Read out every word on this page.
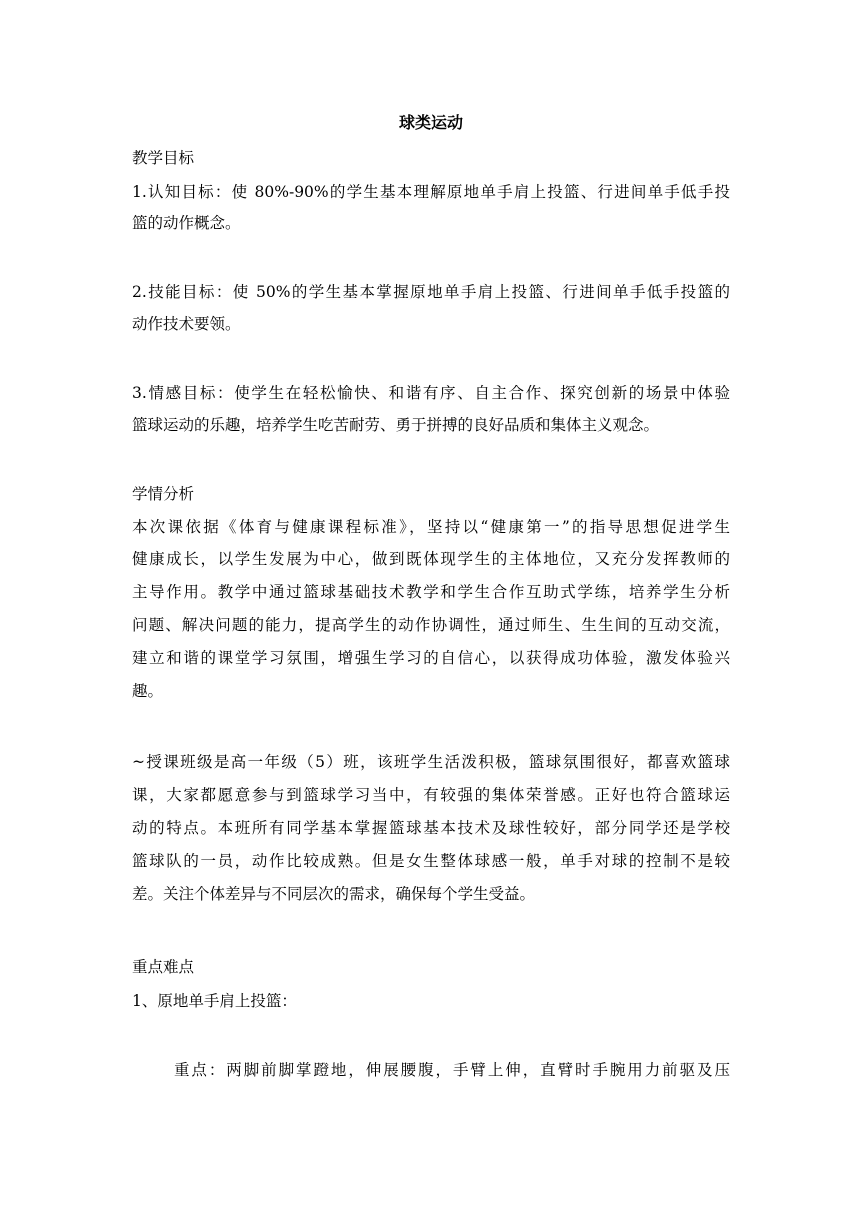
球类运动
教学目标
1.认知目标：使 80%-90%的学生基本理解原地单手肩上投篮、行进间单手低手投
篮的动作概念。
2.技能目标：使 50%的学生基本掌握原地单手肩上投篮、行进间单手低手投篮的
动作技术要领。
3.情感目标：使学生在轻松愉快、和谐有序、自主合作、探究创新的场景中体验
篮球运动的乐趣，培养学生吃苦耐劳、勇于拼搏的良好品质和集体主义观念。
学情分析
本次课依据《体育与健康课程标准》，坚持以“健康第一”的指导思想促进学生
健康成长，以学生发展为中心，做到既体现学生的主体地位，又充分发挥教师的
主导作用。教学中通过篮球基础技术教学和学生合作互助式学练，培养学生分析
问题、解决问题的能力，提高学生的动作协调性，通过师生、生生间的互动交流，
建立和谐的课堂学习氛围，增强生学习的自信心，以获得成功体验，激发体验兴
趣。
~授课班级是高一年级（5）班，该班学生活泼积极，篮球氛围很好，都喜欢篮球
课，大家都愿意参与到篮球学习当中，有较强的集体荣誉感。正好也符合篮球运
动的特点。本班所有同学基本掌握篮球基本技术及球性较好，部分同学还是学校
篮球队的一员，动作比较成熟。但是女生整体球感一般，单手对球的控制不是较
差。关注个体差异与不同层次的需求，确保每个学生受益。
重点难点
1、原地单手肩上投篮：
重点：两脚前脚掌蹬地，伸展腰腹，手臂上伸，直臂时手腕用力前驱及压
